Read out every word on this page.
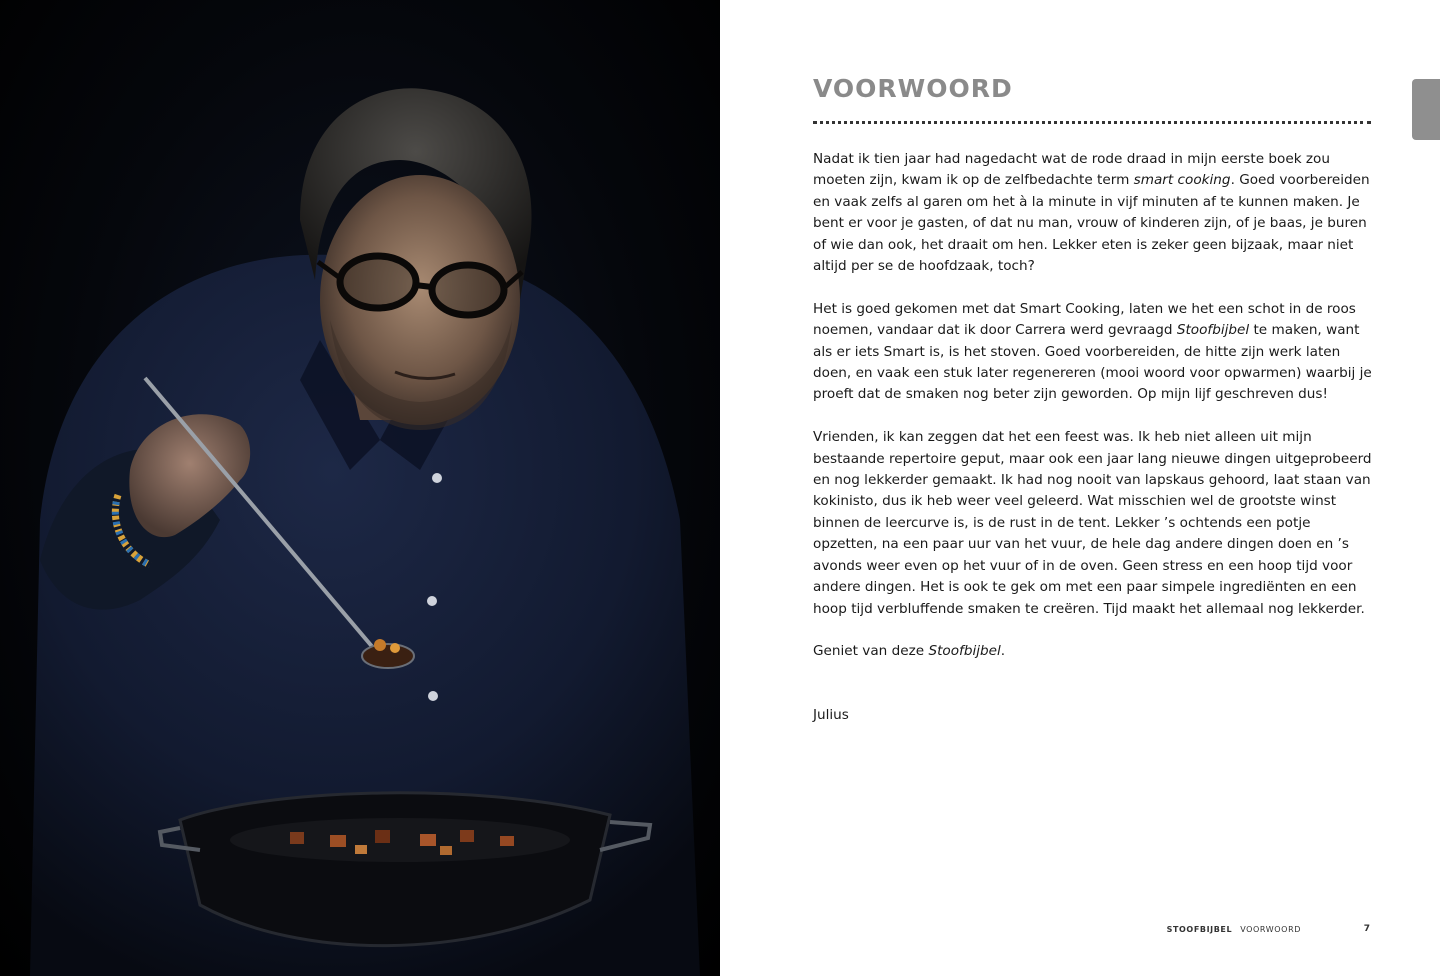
VOORWOORD

Nadat ik tien jaar had nagedacht wat de rode draad in mijn eerste boek zou moeten zijn, kwam ik op de zelfbedachte term smart cooking. Goed voorbereiden en vaak zelfs al garen om het à la minute in vijf minuten af te kunnen maken. Je bent er voor je gasten, of dat nu man, vrouw of kinderen zijn, of je baas, je buren of wie dan ook, het draait om hen. Lekker eten is zeker geen bijzaak, maar niet altijd per se de hoofdzaak, toch?

Het is goed gekomen met dat Smart Cooking, laten we het een schot in de roos noemen, vandaar dat ik door Carrera werd gevraagd Stoofbijbel te maken, want als er iets Smart is, is het stoven. Goed voorbereiden, de hitte zijn werk laten doen, en vaak een stuk later regenereren (mooi woord voor opwarmen) waarbij je proeft dat de smaken nog beter zijn geworden. Op mijn lijf geschreven dus!

Vrienden, ik kan zeggen dat het een feest was. Ik heb niet alleen uit mijn bestaande repertoire geput, maar ook een jaar lang nieuwe dingen uitgeprobeerd en nog lekkerder gemaakt. Ik had nog nooit van lapskaus gehoord, laat staan van kokinisto, dus ik heb weer veel geleerd. Wat misschien wel de grootste winst binnen de leercurve is, is de rust in de tent. Lekker ’s ochtends een potje opzetten, na een paar uur van het vuur, de hele dag andere dingen doen en ’s avonds weer even op het vuur of in de oven. Geen stress en een hoop tijd voor andere dingen. Het is ook te gek om met een paar simpele ingrediënten en een hoop tijd verbluffende smaken te creëren. Tijd maakt het allemaal nog lekkerder.

Geniet van deze Stoofbijbel.

Julius

STOOFBIJBEL VOORWOORD	7
